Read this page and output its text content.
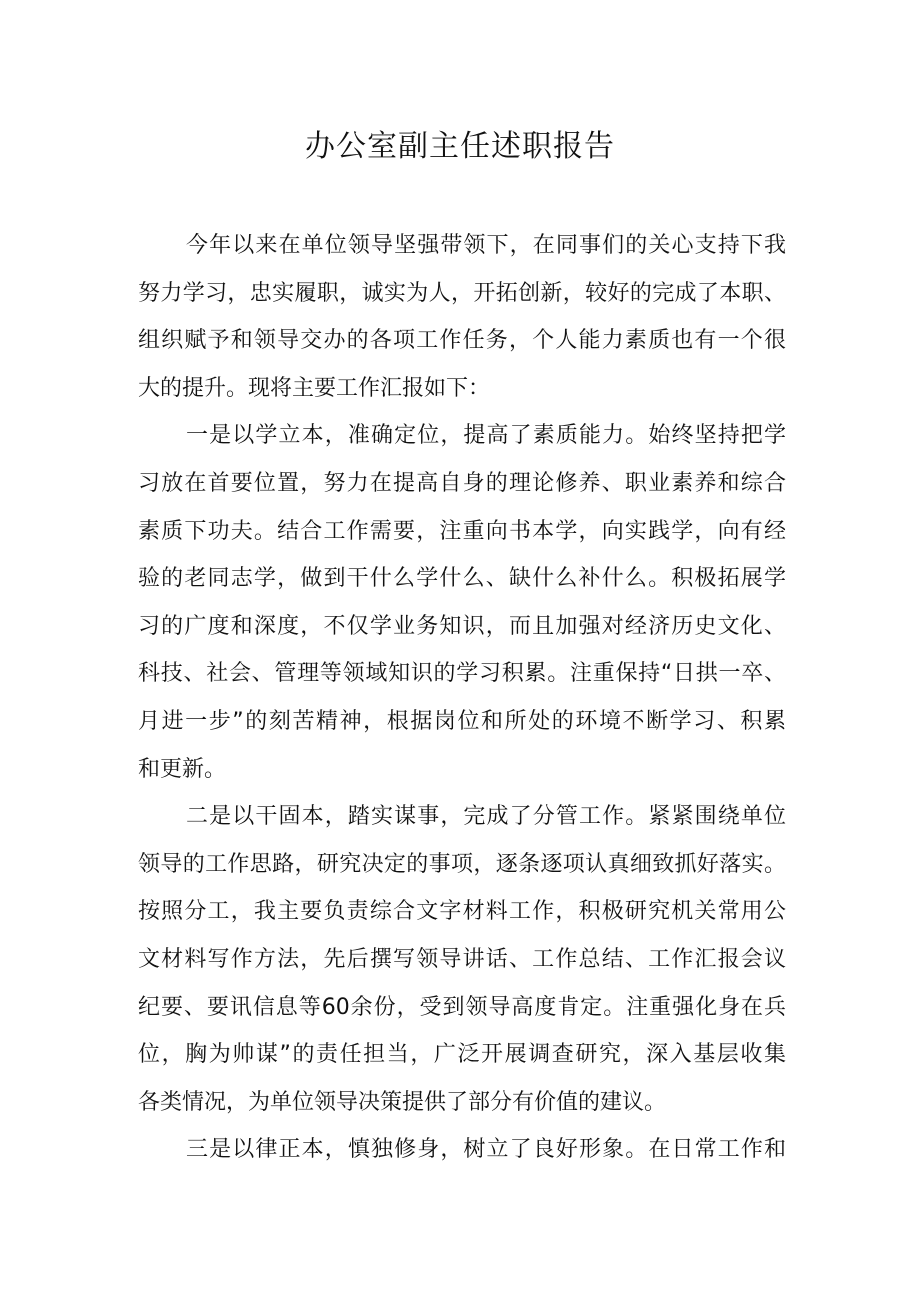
办公室副主任述职报告
今年以来在单位领导坚强带领下，在同事们的关心支持下我
努力学习，忠实履职，诚实为人，开拓创新，较好的完成了本职、
组织赋予和领导交办的各项工作任务，个人能力素质也有一个很
大的提升。现将主要工作汇报如下：
一是以学立本，准确定位，提高了素质能力。始终坚持把学
习放在首要位置，努力在提高自身的理论修养、职业素养和综合
素质下功夫。结合工作需要，注重向书本学，向实践学，向有经
验的老同志学，做到干什么学什么、缺什么补什么。积极拓展学
习的广度和深度，不仅学业务知识，而且加强对经济历史文化、
科技、社会、管理等领域知识的学习积累。注重保持“日拱一卒、
月进一步”的刻苦精神，根据岗位和所处的环境不断学习、积累
和更新。
二是以干固本，踏实谋事，完成了分管工作。紧紧围绕单位
领导的工作思路，研究决定的事项，逐条逐项认真细致抓好落实。
按照分工，我主要负责综合文字材料工作，积极研究机关常用公
文材料写作方法，先后撰写领导讲话、工作总结、工作汇报会议
纪要、要讯信息等60余份，受到领导高度肯定。注重强化身在兵
位，胸为帅谋”的责任担当，广泛开展调查研究，深入基层收集
各类情况，为单位领导决策提供了部分有价值的建议。
三是以律正本，慎独修身，树立了良好形象。在日常工作和
